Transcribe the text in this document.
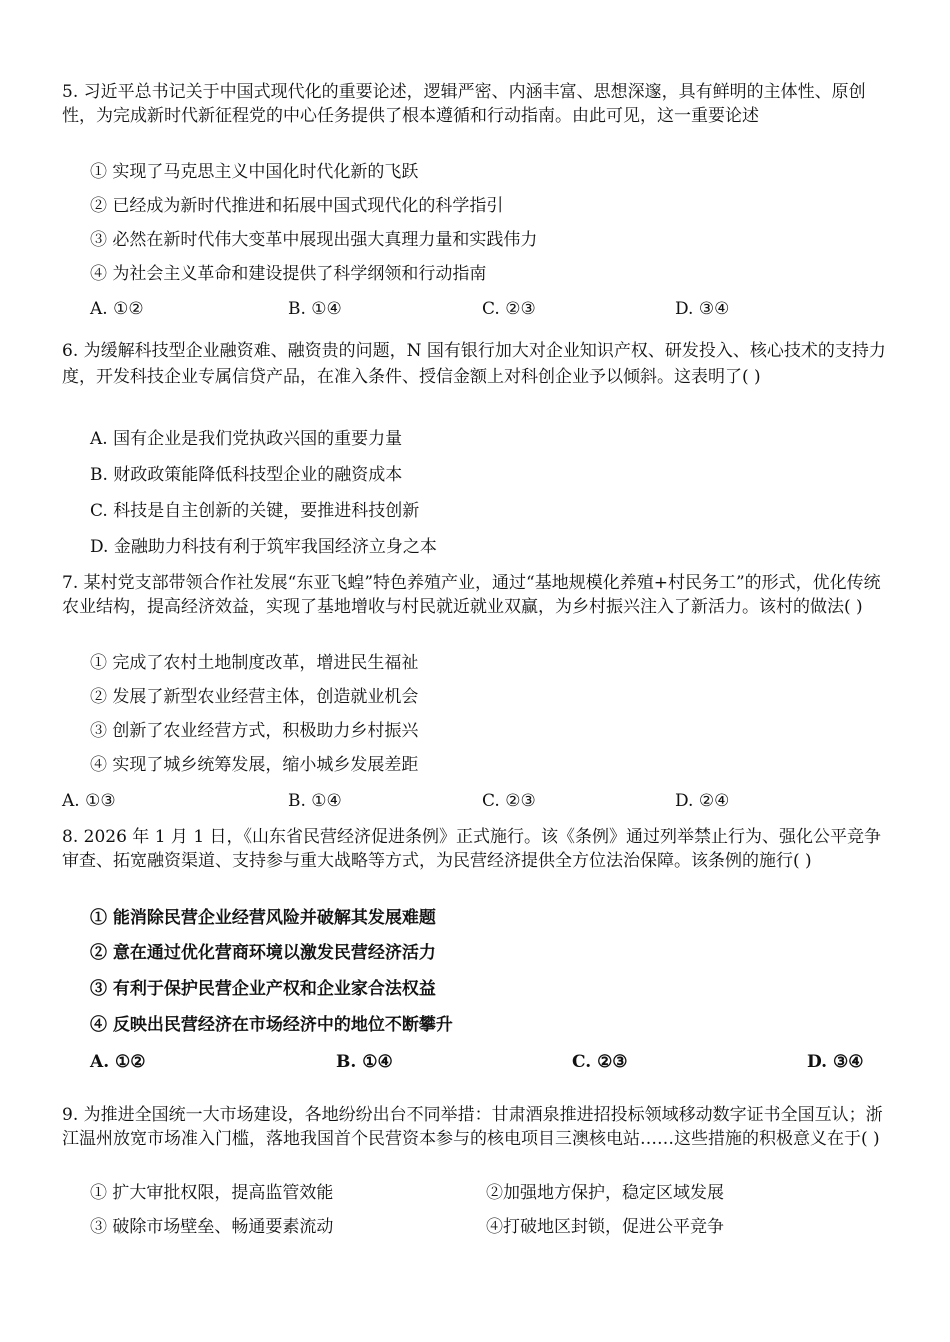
5. 习近平总书记关于中国式现代化的重要论述，逻辑严密、内涵丰富、思想深邃，具有鲜明的主体性、原创性，为完成新时代新征程党的中心任务提供了根本遵循和行动指南。由此可见，这一重要论述

① 实现了马克思主义中国化时代化新的飞跃
② 已经成为新时代推进和拓展中国式现代化的科学指引
③ 必然在新时代伟大变革中展现出强大真理力量和实践伟力
④ 为社会主义革命和建设提供了科学纲领和行动指南
A. ①②	B. ①④	C. ②③	D. ③④

6. 为缓解科技型企业融资难、融资贵的问题，N 国有银行加大对企业知识产权、研发投入、核心技术的支持力度，开发科技企业专属信贷产品，在准入条件、授信金额上对科创企业予以倾斜。这表明了( )

A. 国有企业是我们党执政兴国的重要力量
B. 财政政策能降低科技型企业的融资成本
C. 科技是自主创新的关键，要推进科技创新
D. 金融助力科技有利于筑牢我国经济立身之本

7. 某村党支部带领合作社发展“东亚飞蝗”特色养殖产业，通过“基地规模化养殖+村民务工”的形式，优化传统农业结构，提高经济效益，实现了基地增收与村民就近就业双赢，为乡村振兴注入了新活力。该村的做法( )

① 完成了农村土地制度改革，增进民生福祉
② 发展了新型农业经营主体，创造就业机会
③ 创新了农业经营方式，积极助力乡村振兴
④ 实现了城乡统筹发展，缩小城乡发展差距
A. ①③	B. ①④	C. ②③	D. ②④

8. 2026 年 1 月 1 日，《山东省民营经济促进条例》正式施行。该《条例》通过列举禁止行为、强化公平竞争审查、拓宽融资渠道、支持参与重大战略等方式，为民营经济提供全方位法治保障。该条例的施行( )

① 能消除民营企业经营风险并破解其发展难题
② 意在通过优化营商环境以激发民营经济活力
③ 有利于保护民营企业产权和企业家合法权益
④ 反映出民营经济在市场经济中的地位不断攀升
A. ①②	B. ①④	C. ②③	D. ③④

9. 为推进全国统一大市场建设，各地纷纷出台不同举措：甘肃酒泉推进招投标领域移动数字证书全国互认；浙江温州放宽市场准入门槛，落地我国首个民营资本参与的核电项目三澳核电站……这些措施的积极意义在于( )

① 扩大审批权限，提高监管效能	②加强地方保护，稳定区域发展
③ 破除市场壁垒、畅通要素流动	④打破地区封锁，促进公平竞争
